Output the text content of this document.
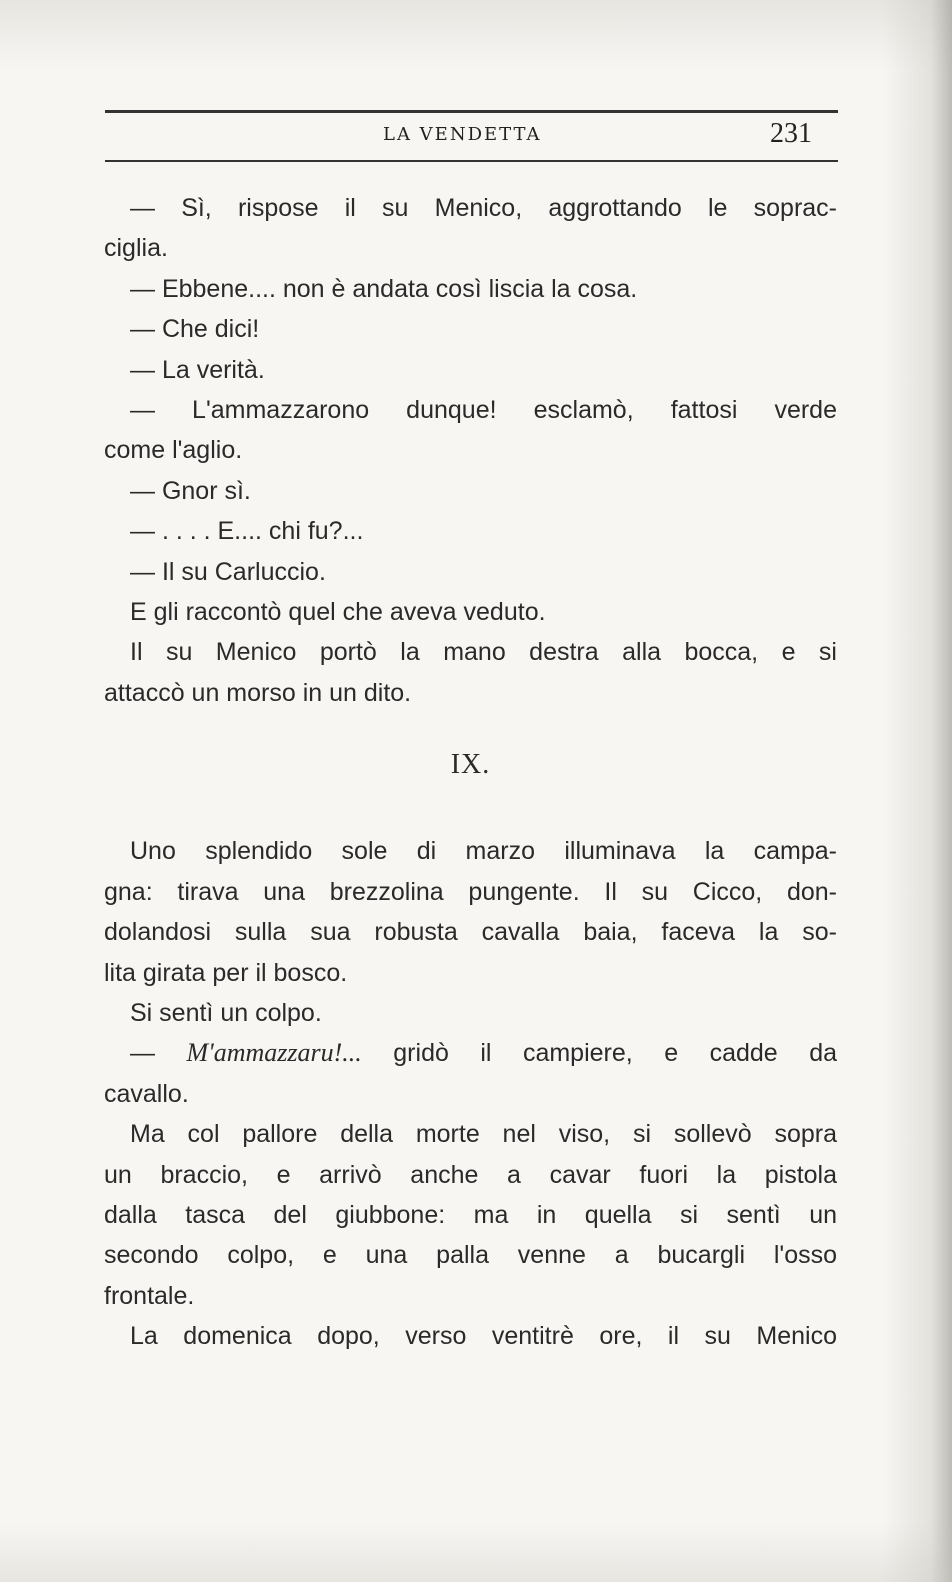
LA VENDETTA	231
— Sì, rispose il su Menico, aggrottando le soprac-
ciglia.
— Ebbene.... non è andata così liscia la cosa.
— Che dici!
— La verità.
— L'ammazzarono dunque! esclamò, fattosi verde
come l'aglio.
— Gnor sì.
— . . . . E.... chi fu?...
— Il su Carluccio.
E gli raccontò quel che aveva veduto.
Il su Menico portò la mano destra alla bocca, e si
attaccò un morso in un dito.
IX.
Uno splendido sole di marzo illuminava la campa-
gna: tirava una brezzolina pungente. Il su Cicco, don-
dolandosi sulla sua robusta cavalla baia, faceva la so-
lita girata per il bosco.
Si sentì un colpo.
— M'ammazzaru!... gridò il campiere, e cadde da
cavallo.
Ma col pallore della morte nel viso, si sollevò sopra
un braccio, e arrivò anche a cavar fuori la pistola
dalla tasca del giubbone: ma in quella si sentì un
secondo colpo, e una palla venne a bucargli l'osso
frontale.
La domenica dopo, verso ventitrè ore, il su Menico
